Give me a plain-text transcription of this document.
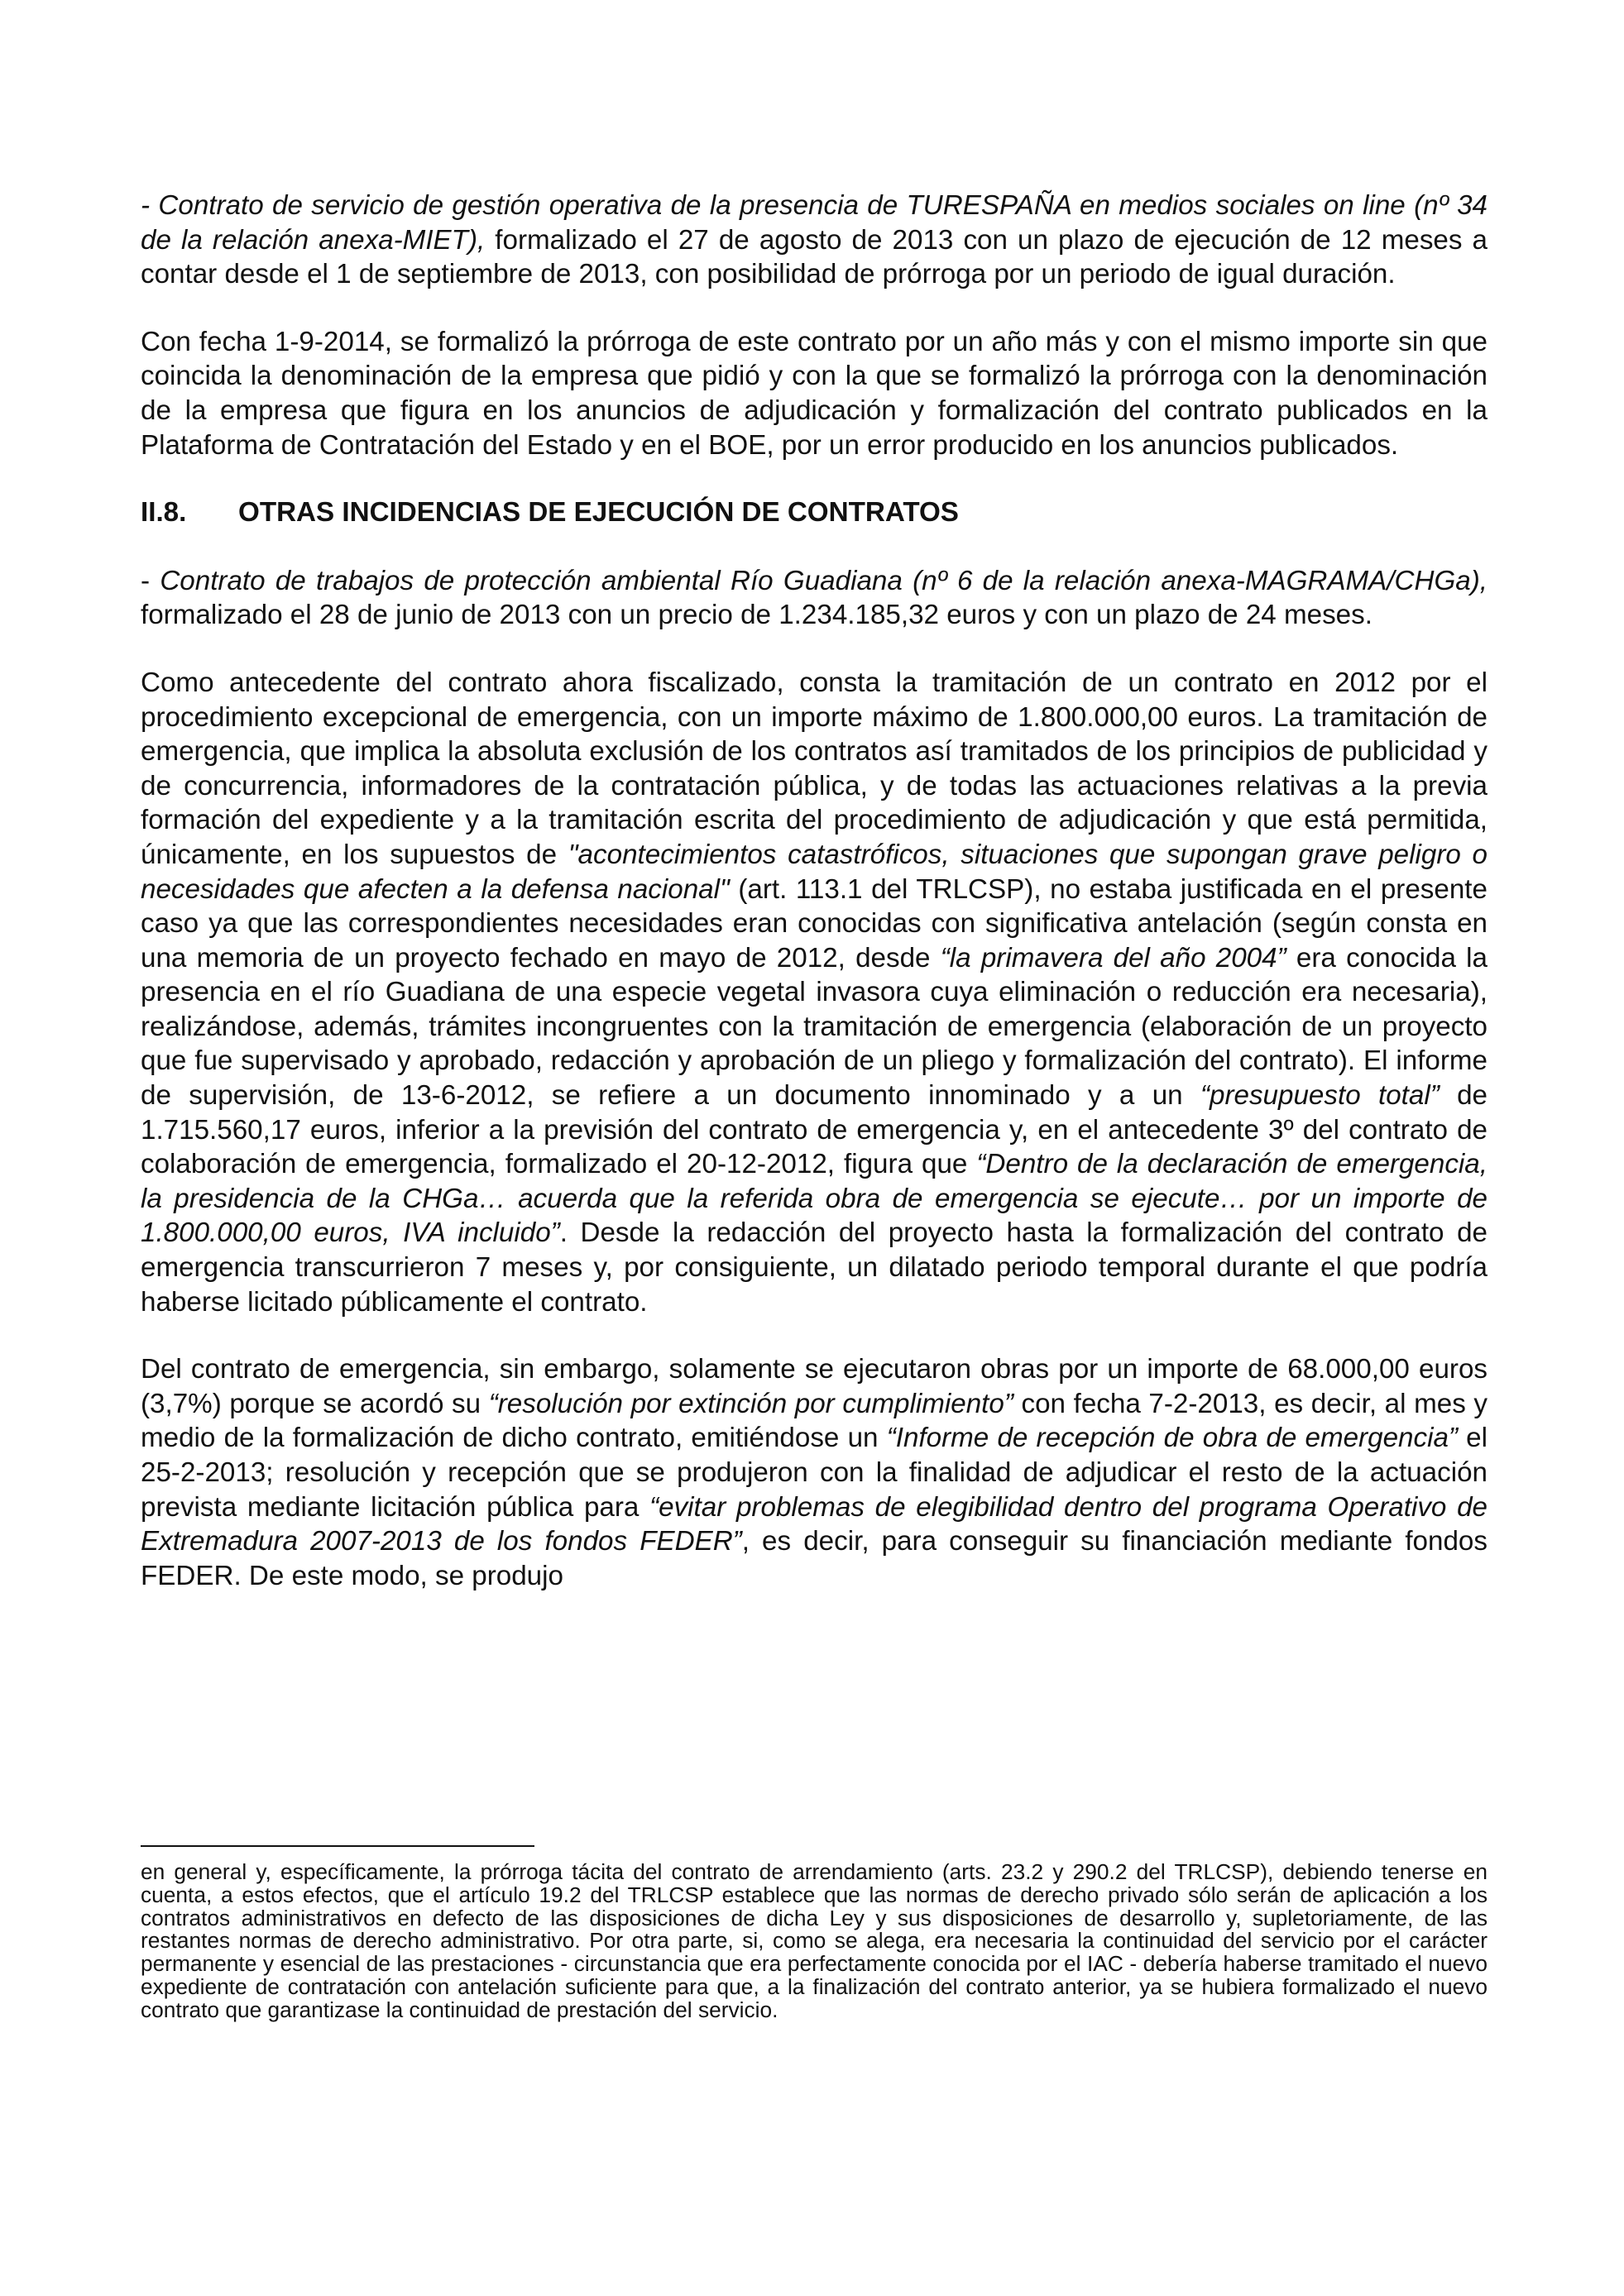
- Contrato de servicio de gestión operativa de la presencia de TURESPAÑA en medios sociales on line (nº 34 de la relación anexa-MIET), formalizado el 27 de agosto de 2013 con un plazo de ejecución de 12 meses a contar desde el 1 de septiembre de 2013, con posibilidad de prórroga por un periodo de igual duración.

Con fecha 1-9-2014, se formalizó la prórroga de este contrato por un año más y con el mismo importe sin que coincida la denominación de la empresa que pidió y con la que se formalizó la prórroga con la denominación de la empresa que figura en los anuncios de adjudicación y formalización del contrato publicados en la Plataforma de Contratación del Estado y en el BOE, por un error producido en los anuncios publicados.

II.8.	OTRAS INCIDENCIAS DE EJECUCIÓN DE CONTRATOS

- Contrato de trabajos de protección ambiental Río Guadiana (nº 6 de la relación anexa-MAGRAMA/CHGa), formalizado el 28 de junio de 2013 con un precio de 1.234.185,32 euros y con un plazo de 24 meses.

Como antecedente del contrato ahora fiscalizado, consta la tramitación de un contrato en 2012 por el procedimiento excepcional de emergencia, con un importe máximo de 1.800.000,00 euros. La tramitación de emergencia, que implica la absoluta exclusión de los contratos así tramitados de los principios de publicidad y de concurrencia, informadores de la contratación pública, y de todas las actuaciones relativas a la previa formación del expediente y a la tramitación escrita del procedimiento de adjudicación y que está permitida, únicamente, en los supuestos de "acontecimientos catastróficos, situaciones que supongan grave peligro o necesidades que afecten a la defensa nacional" (art. 113.1 del TRLCSP), no estaba justificada en el presente caso ya que las correspondientes necesidades eran conocidas con significativa antelación (según consta en una memoria de un proyecto fechado en mayo de 2012, desde “la primavera del año 2004” era conocida la presencia en el río Guadiana de una especie vegetal invasora cuya eliminación o reducción era necesaria), realizándose, además, trámites incongruentes con la tramitación de emergencia (elaboración de un proyecto que fue supervisado y aprobado, redacción y aprobación de un pliego y formalización del contrato). El informe de supervisión, de 13-6-2012, se refiere a un documento innominado y a un “presupuesto total” de 1.715.560,17 euros, inferior a la previsión del contrato de emergencia y, en el antecedente 3º del contrato de colaboración de emergencia, formalizado el 20-12-2012, figura que “Dentro de la declaración de emergencia, la presidencia de la CHGa… acuerda que la referida obra de emergencia se ejecute… por un importe de 1.800.000,00 euros, IVA incluido”. Desde la redacción del proyecto hasta la formalización del contrato de emergencia transcurrieron 7 meses y, por consiguiente, un dilatado periodo temporal durante el que podría haberse licitado públicamente el contrato.

Del contrato de emergencia, sin embargo, solamente se ejecutaron obras por un importe de 68.000,00 euros (3,7%) porque se acordó su “resolución por extinción por cumplimiento” con fecha 7-2-2013, es decir, al mes y medio de la formalización de dicho contrato, emitiéndose un “Informe de recepción de obra de emergencia” el 25-2-2013; resolución y recepción que se produjeron con la finalidad de adjudicar el resto de la actuación prevista mediante licitación pública para “evitar problemas de elegibilidad dentro del programa Operativo de Extremadura 2007-2013 de los fondos FEDER”, es decir, para conseguir su financiación mediante fondos FEDER. De este modo, se produjo

en general y, específicamente, la prórroga tácita del contrato de arrendamiento (arts. 23.2 y 290.2 del TRLCSP), debiendo tenerse en cuenta, a estos efectos, que el artículo 19.2 del TRLCSP establece que las normas de derecho privado sólo serán de aplicación a los contratos administrativos en defecto de las disposiciones de dicha Ley y sus disposiciones de desarrollo y, supletoriamente, de las restantes normas de derecho administrativo. Por otra parte, si, como se alega, era necesaria la continuidad del servicio por el carácter permanente y esencial de las prestaciones - circunstancia que era perfectamente conocida por el IAC - debería haberse tramitado el nuevo expediente de contratación con antelación suficiente para que, a la finalización del contrato anterior, ya se hubiera formalizado el nuevo contrato que garantizase la continuidad de prestación del servicio.
